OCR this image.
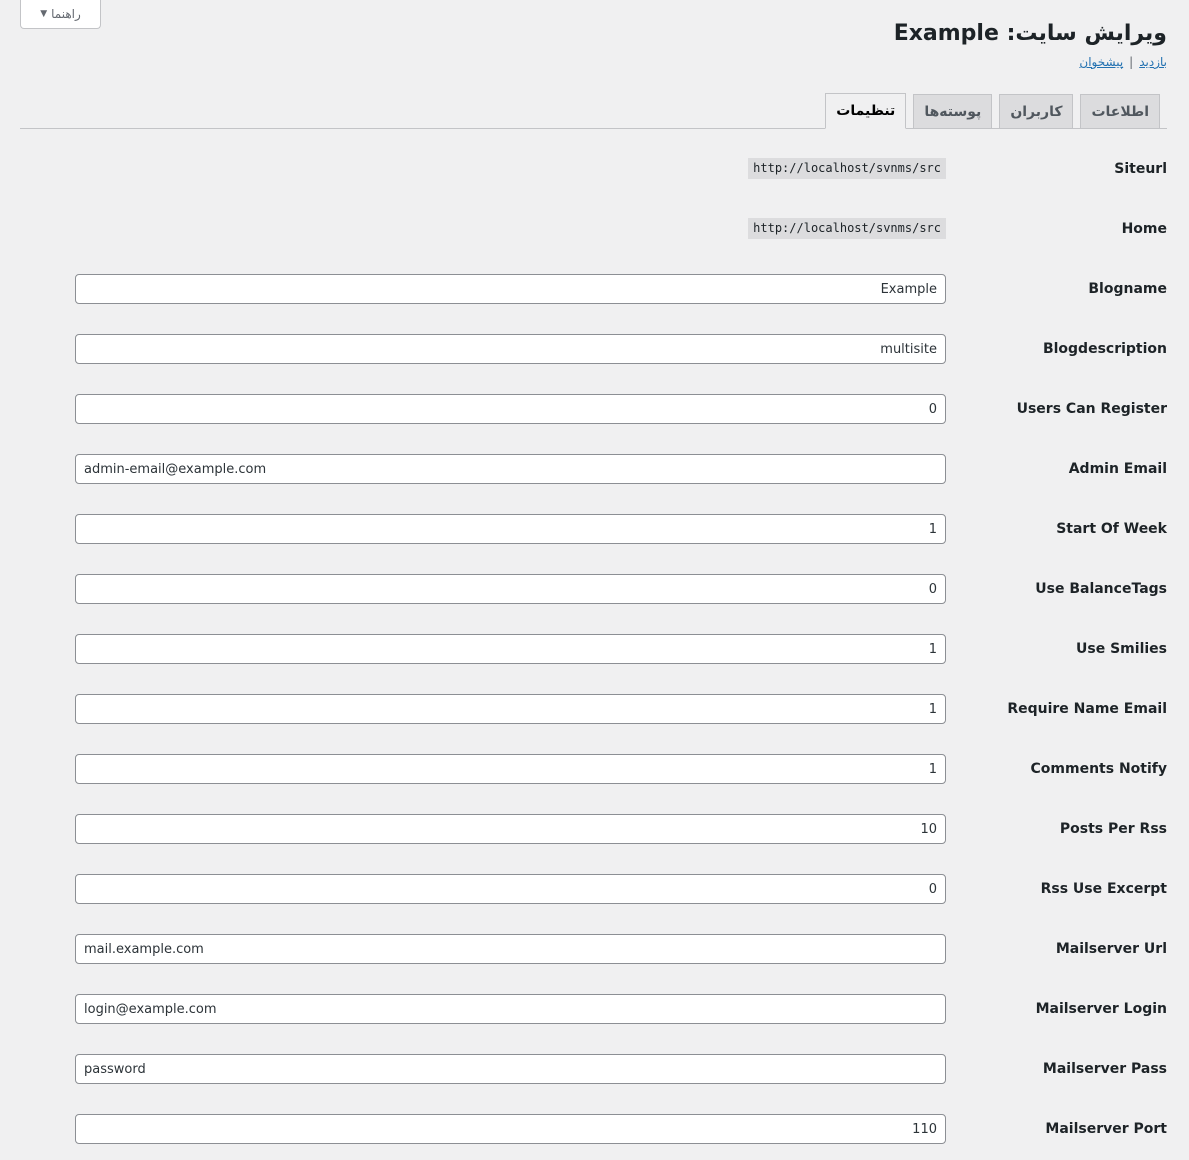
راهنما
▼
ویرایش سایت: Example
بازدید|پیشخوان
اطلاعات
کاربران
پوسته‌ها
تنظیمات
Siteurl
http://localhost/svnms/src
Home
http://localhost/svnms/src
Blogname
Example
Blogdescription
multisite
Users Can Register
0
Admin Email
admin-email@example.com
Start Of Week
1
Use BalanceTags
0
Use Smilies
1
Require Name Email
1
Comments Notify
1
Posts Per Rss
10
Rss Use Excerpt
0
Mailserver Url
mail.example.com
Mailserver Login
login@example.com
Mailserver Pass
password
Mailserver Port
110
